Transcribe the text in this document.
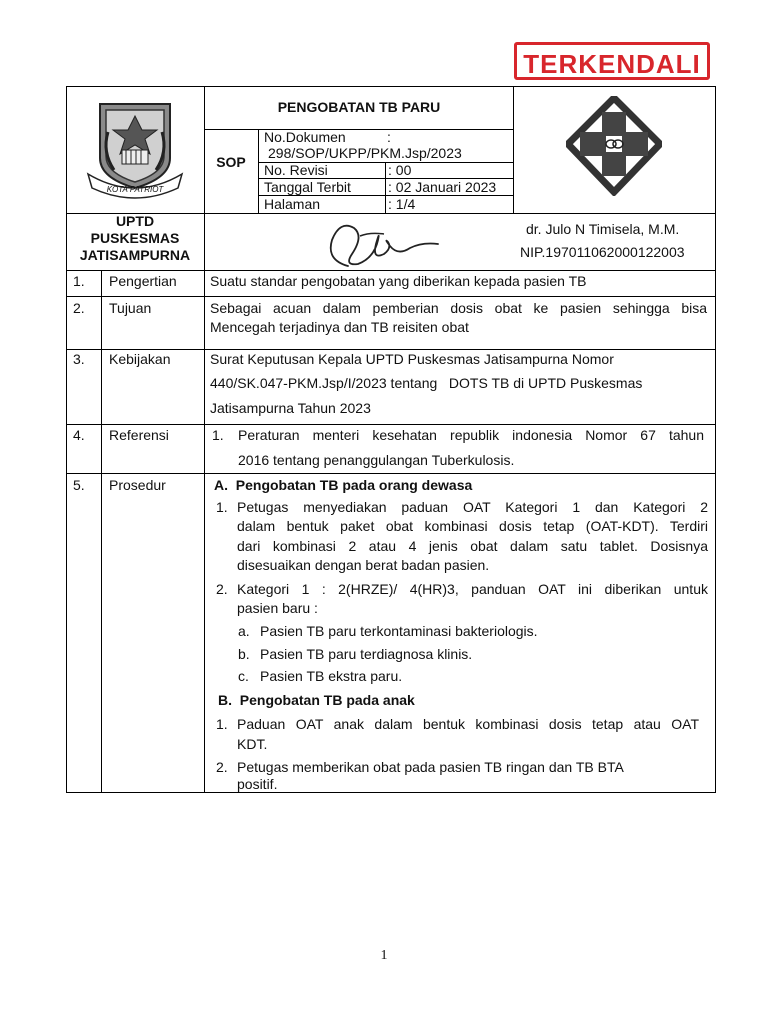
TERKENDALI
KOTA PATRIOT
PENGOBATAN TB PARU
SOP
No.Dokumen	:
298/SOP/UKPP/PKM.Jsp/2023
No. Revisi	: 00
Tanggal Terbit	: 02 Januari 2023
Halaman	: 1/4
UPTD
PUSKESMAS
JATISAMPURNA
dr. Julo N Timisela, M.M.
NIP.197011062000122003
1. Pengertian Suatu standar pengobatan yang diberikan kepada pasien TB
2. Tujuan	Sebagai acuan dalam pemberian dosis obat ke pasien sehingga bisa
Mencegah terjadinya dan TB reisiten obat
3. Kebijakan	Surat Keputusan Kepala UPTD Puskesmas Jatisampurna Nomor
440/SK.047-PKM.Jsp/I/2023 tentang   DOTS TB di UPTD Puskesmas
Jatisampurna Tahun 2023
4. Referensi	1. Peraturan menteri kesehatan republik indonesia Nomor 67 tahun
2016 tentang penanggulangan Tuberkulosis.
5. Prosedur	A.  Pengobatan TB pada orang dewasa
1. Petugas menyediakan paduan OAT Kategori 1 dan Kategori 2
dalam bentuk paket obat kombinasi dosis tetap (OAT-KDT). Terdiri
dari kombinasi 2 atau 4 jenis obat dalam satu tablet. Dosisnya
disesuaikan dengan berat badan pasien.
2. Kategori 1 : 2(HRZE)/ 4(HR)3, panduan OAT ini diberikan untuk
pasien baru :
a. Pasien TB paru terkontaminasi bakteriologis.
b. Pasien TB paru terdiagnosa klinis.
c. Pasien TB ekstra paru.
B.  Pengobatan TB pada anak
1. Paduan OAT anak dalam bentuk kombinasi dosis tetap atau OAT
KDT.
2. Petugas memberikan obat pada pasien TB ringan dan TB BTA
positif.
1
